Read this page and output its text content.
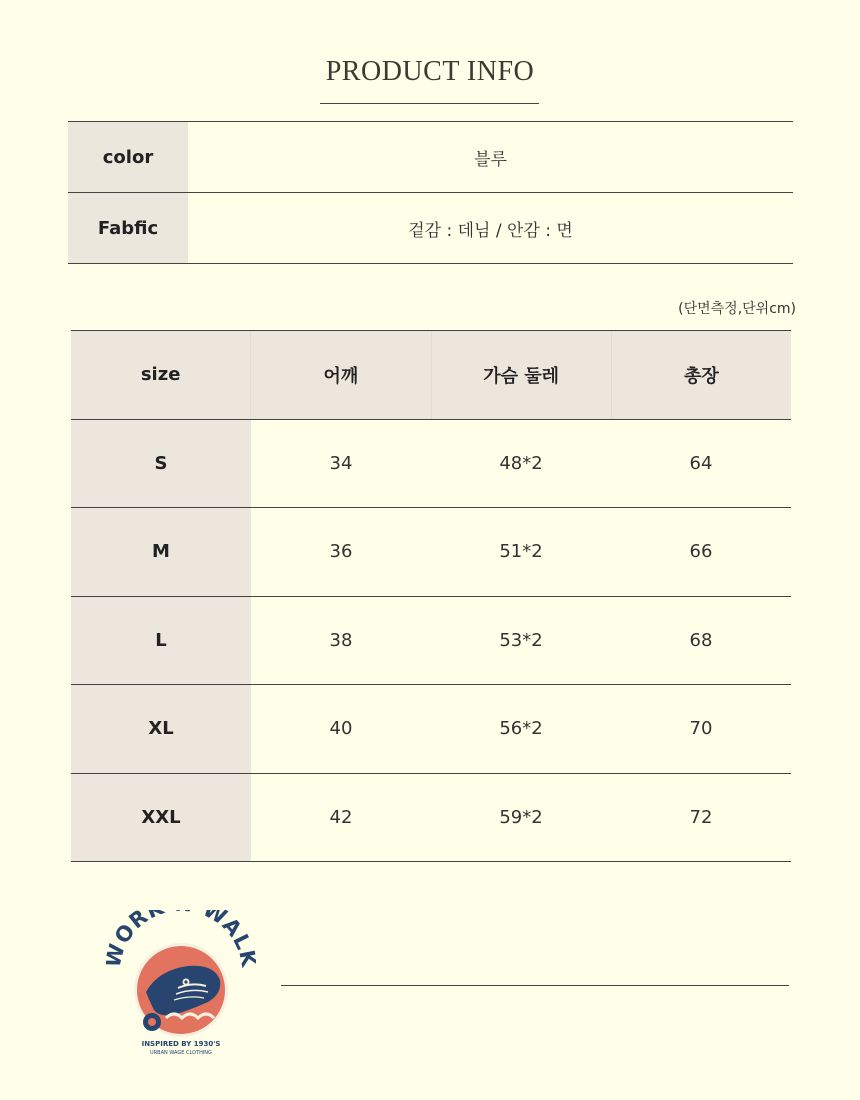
PRODUCT INFO
color	블루
Fabfic	겉감 : 데님 / 안감 : 면
(단면측정,단위cm)
size	어깨	가슴 둘레	총장
S	34	48*2	64
M	36	51*2	66
L	38	53*2	68
XL	40	56*2	70
XXL	42	59*2	72
OR WAL
INSPIRED BY 1930'S
URBAN WAGE CLOTHING
